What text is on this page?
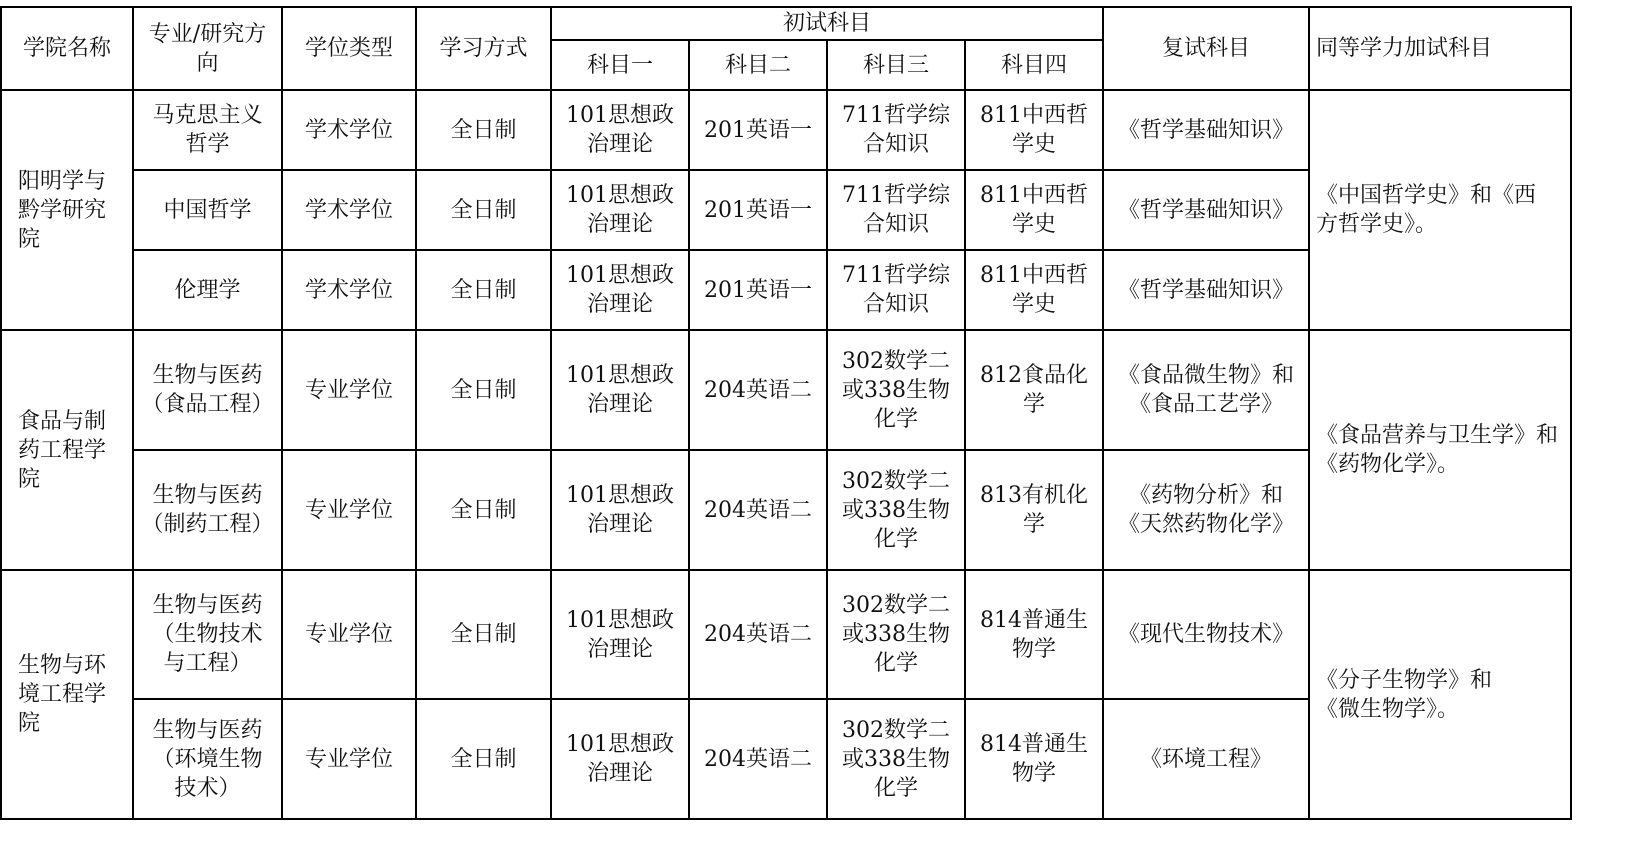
学院名称	专业/研究方向	学位类型	学习方式	初试科目				复试科目	同等学力加试科目
				科目一	科目二	科目三	科目四		
阳明学与黔学研究院	马克思主义哲学	学术学位	全日制	101思想政治理论	201英语一	711哲学综合知识	811中西哲学史	《哲学基础知识》	《中国哲学史》和《西方哲学史》。
	中国哲学	学术学位	全日制	101思想政治理论	201英语一	711哲学综合知识	811中西哲学史	《哲学基础知识》	
	伦理学	学术学位	全日制	101思想政治理论	201英语一	711哲学综合知识	811中西哲学史	《哲学基础知识》	
食品与制药工程学院	生物与医药（食品工程）	专业学位	全日制	101思想政治理论	204英语二	302数学二或338生物化学	812食品化学	《食品微生物》和《食品工艺学》	《食品营养与卫生学》和《药物化学》。
	生物与医药（制药工程）	专业学位	全日制	101思想政治理论	204英语二	302数学二或338生物化学	813有机化学	《药物分析》和《天然药物化学》	
生物与环境工程学院	生物与医药（生物技术与工程）	专业学位	全日制	101思想政治理论	204英语二	302数学二或338生物化学	814普通生物学	《现代生物技术》	《分子生物学》和《微生物学》。
	生物与医药（环境生物技术）	专业学位	全日制	101思想政治理论	204英语二	302数学二或338生物化学	814普通生物学	《环境工程》	
